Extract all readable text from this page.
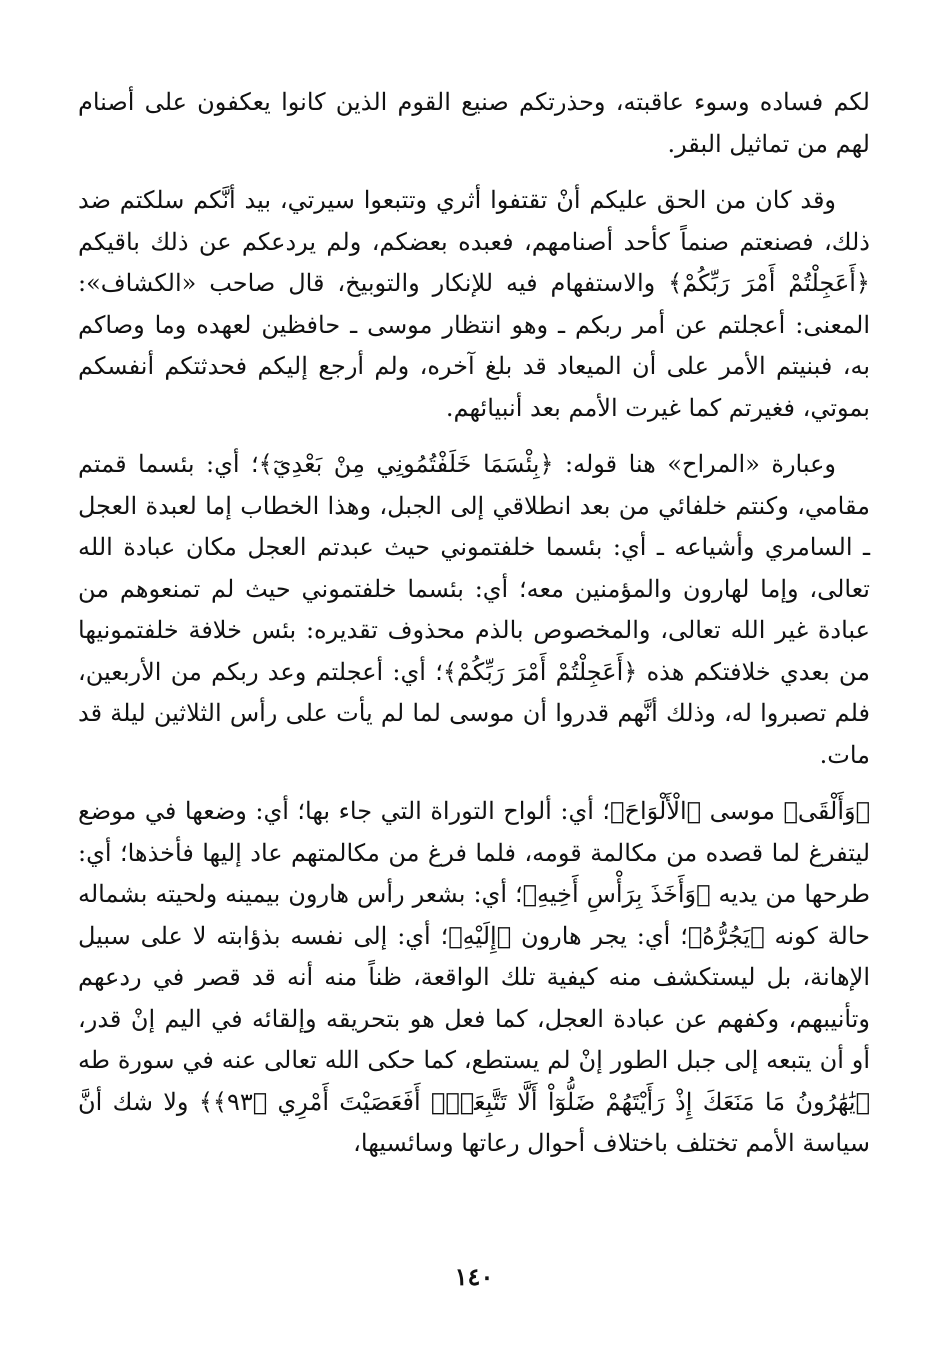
لكم فساده وسوء عاقبته، وحذرتكم صنيع القوم الذين كانوا يعكفون على أصنام لهم من تماثيل البقر.

وقد كان من الحق عليكم أنْ تقتفوا أثري وتتبعوا سيرتي، بيد أنَّكم سلكتم ضد ذلك، فصنعتم صنماً كأحد أصنامهم، فعبده بعضكم، ولم يردعكم عن ذلك باقيكم ﴿أَعَجِلْتُمْ أَمْرَ رَبِّكُمْ﴾ والاستفهام فيه للإنكار والتوبيخ، قال صاحب «الكشاف»: المعنى: أعجلتم عن أمر ربكم ـ وهو انتظار موسى ـ حافظين لعهده وما وصاكم به، فبنيتم الأمر على أن الميعاد قد بلغ آخره، ولم أرجع إليكم فحدثتكم أنفسكم بموتي، فغيرتم كما غيرت الأمم بعد أنبيائهم.

وعبارة «المراح» هنا قوله: ﴿بِئْسَمَا خَلَفْتُمُونِي مِنْ بَعْدِيٓ﴾؛ أي: بئسما قمتم مقامي، وكنتم خلفائي من بعد انطلاقي إلى الجبل، وهذا الخطاب إما لعبدة العجل ـ السامري وأشياعه ـ أي: بئسما خلفتموني حيث عبدتم العجل مكان عبادة الله تعالى، وإما لهارون والمؤمنين معه؛ أي: بئسما خلفتموني حيث لم تمنعوهم من عبادة غير الله تعالى، والمخصوص بالذم محذوف تقديره: بئس خلافة خلفتمونيها من بعدي خلافتكم هذه ﴿أَعَجِلْتُمْ أَمْرَ رَبِّكُمْ﴾؛ أي: أعجلتم وعد ربكم من الأربعين، فلم تصبروا له، وذلك أنَّهم قدروا أن موسى لما لم يأت على رأس الثلاثين ليلة قد مات.

﴿وَأَلْقَى﴾ موسى ﴿الْأَلْوَاحَ﴾؛ أي: ألواح التوراة التي جاء بها؛ أي: وضعها في موضع ليتفرغ لما قصده من مكالمة قومه، فلما فرغ من مكالمتهم عاد إليها فأخذها؛ أي: طرحها من يديه ﴿وَأَخَذَ بِرَأْسِ أَخِيهِ﴾؛ أي: بشعر رأس هارون بيمينه ولحيته بشماله حالة كونه ﴿يَجُرُّهُ﴾؛ أي: يجر هارون ﴿إِلَيْهِ﴾؛ أي: إلى نفسه بذؤابته لا على سبيل الإهانة، بل ليستكشف منه كيفية تلك الواقعة، ظناً منه أنه قد قصر في ردعهم وتأنيبهم، وكفهم عن عبادة العجل، كما فعل هو بتحريقه وإلقائه في اليم إنْ قدر، أو أن يتبعه إلى جبل الطور إنْ لم يستطع، كما حكى الله تعالى عنه في سورة طه ﴿يَٰهَٰرُونُ مَا مَنَعَكَ إِذْ رَأَيْتَهُمْ ضَلُّوٓاْ أَلَّا تَتَّبِعَنِۖ أَفَعَصَيْتَ أَمْرِي ﴿٩٣﴾﴾ ولا شك أنَّ سياسة الأمم تختلف باختلاف أحوال رعاتها وسائسيها،

١٤٠
